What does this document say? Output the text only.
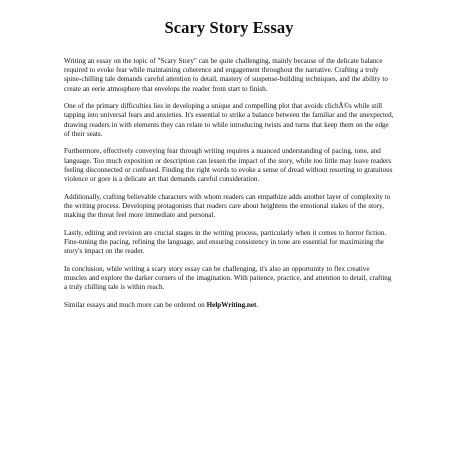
Scary Story Essay

Writing an essay on the topic of "Scary Story" can be quite challenging, mainly because of the delicate balance required to evoke fear while maintaining coherence and engagement throughout the narrative. Crafting a truly spine-chilling tale demands careful attention to detail, mastery of suspense-building techniques, and the ability to create an eerie atmosphere that envelops the reader from start to finish.

One of the primary difficulties lies in developing a unique and compelling plot that avoids clichÃ©s while still tapping into universal fears and anxieties. It's essential to strike a balance between the familiar and the unexpected, drawing readers in with elements they can relate to while introducing twists and turns that keep them on the edge of their seats.

Furthermore, effectively conveying fear through writing requires a nuanced understanding of pacing, tone, and language. Too much exposition or description can lessen the impact of the story, while too little may leave readers feeling disconnected or confused. Finding the right words to evoke a sense of dread without resorting to gratuitous violence or gore is a delicate art that demands careful consideration.

Additionally, crafting believable characters with whom readers can empathize adds another layer of complexity to the writing process. Developing protagonists that readers care about heightens the emotional stakes of the story, making the threat feel more immediate and personal.

Lastly, editing and revision are crucial stages in the writing process, particularly when it comes to horror fiction. Fine-tuning the pacing, refining the language, and ensuring consistency in tone are essential for maximizing the story's impact on the reader.

In conclusion, while writing a scary story essay can be challenging, it's also an opportunity to flex creative muscles and explore the darker corners of the imagination. With patience, practice, and attention to detail, crafting a truly chilling tale is within reach.

Similar essays and much more can be ordered on HelpWriting.net.
